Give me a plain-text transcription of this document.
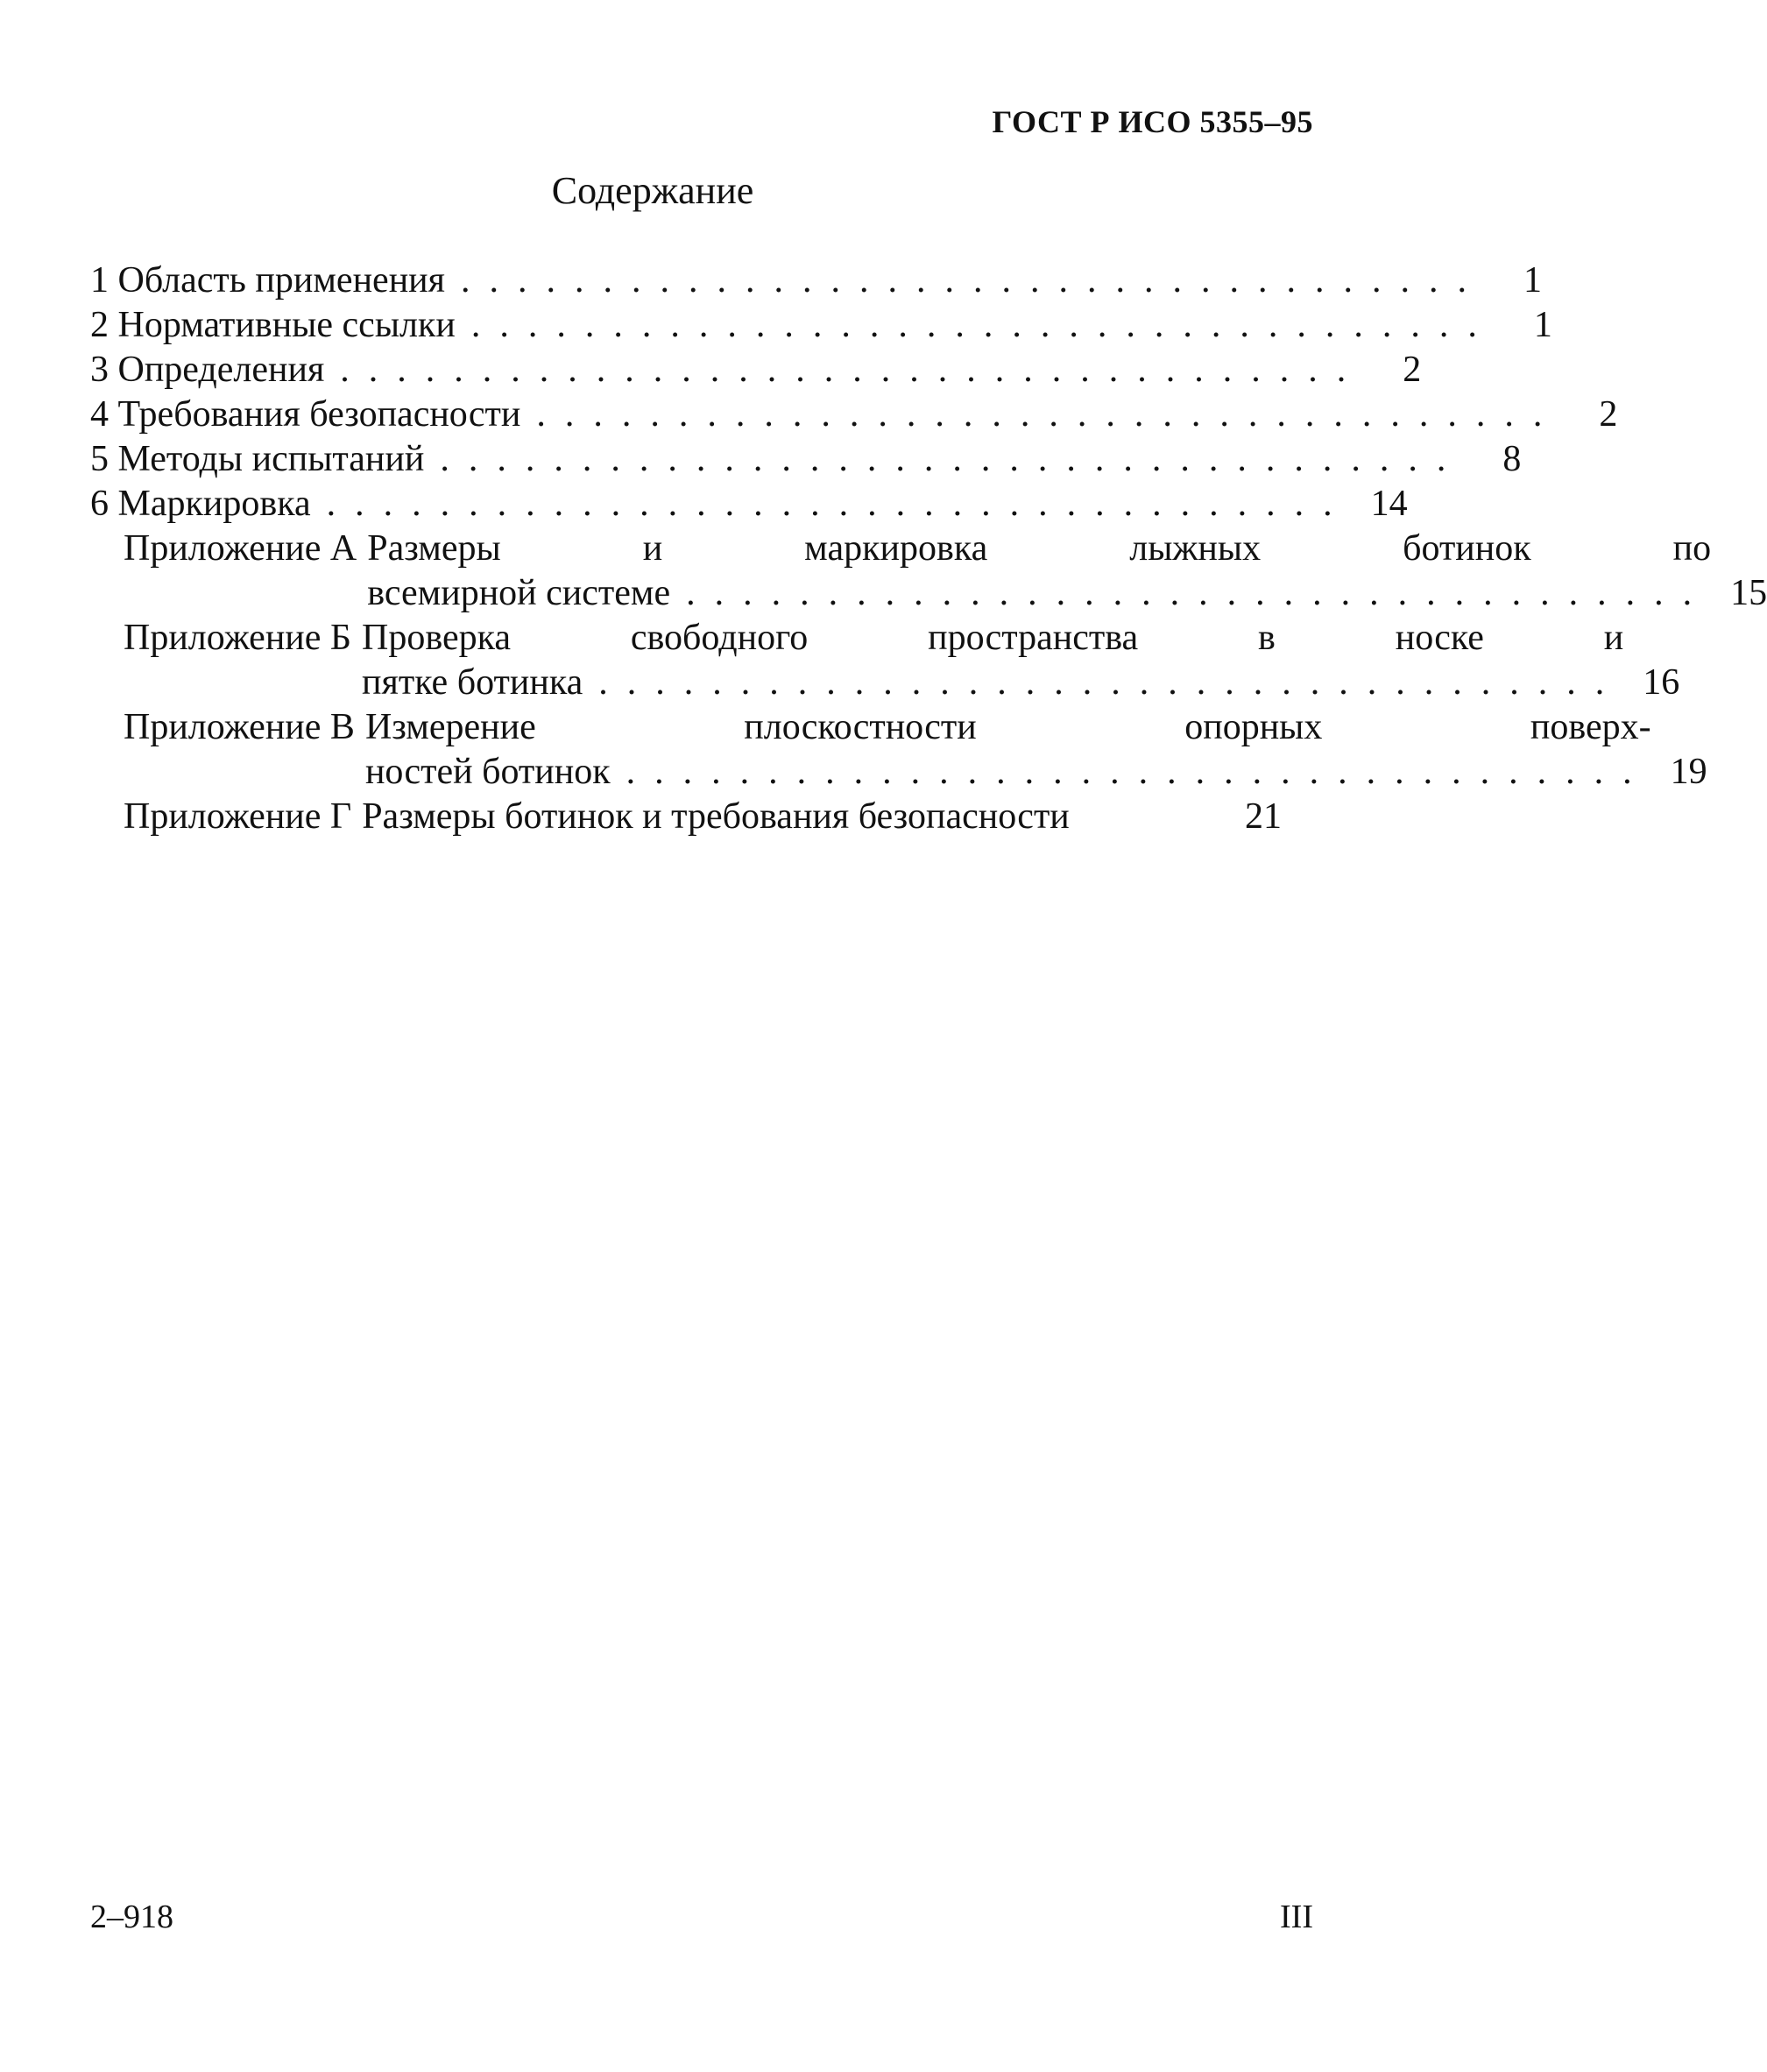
ГОСТ Р ИСО 5355–95
Содержание
1 Область применения ....................................	1
2 Нормативные ссылки ....................................	1
3 Определения ....................................	2
4 Требования безопасности ....................................	2
5 Методы испытаний ....................................	8
6 Маркировка .................................... 14
Приложение А Размеры и маркировка лыжных ботинок по
всемирной системе .................................... 15
Приложение Б Проверка свободного пространства в носке и
пятке ботинка .................................... 16
Приложение В Измерение плоскостности опорных поверх-
ностей ботинок .................................... 19
Приложение Г Размеры ботинок и требования безопасности	21
2–918	III
